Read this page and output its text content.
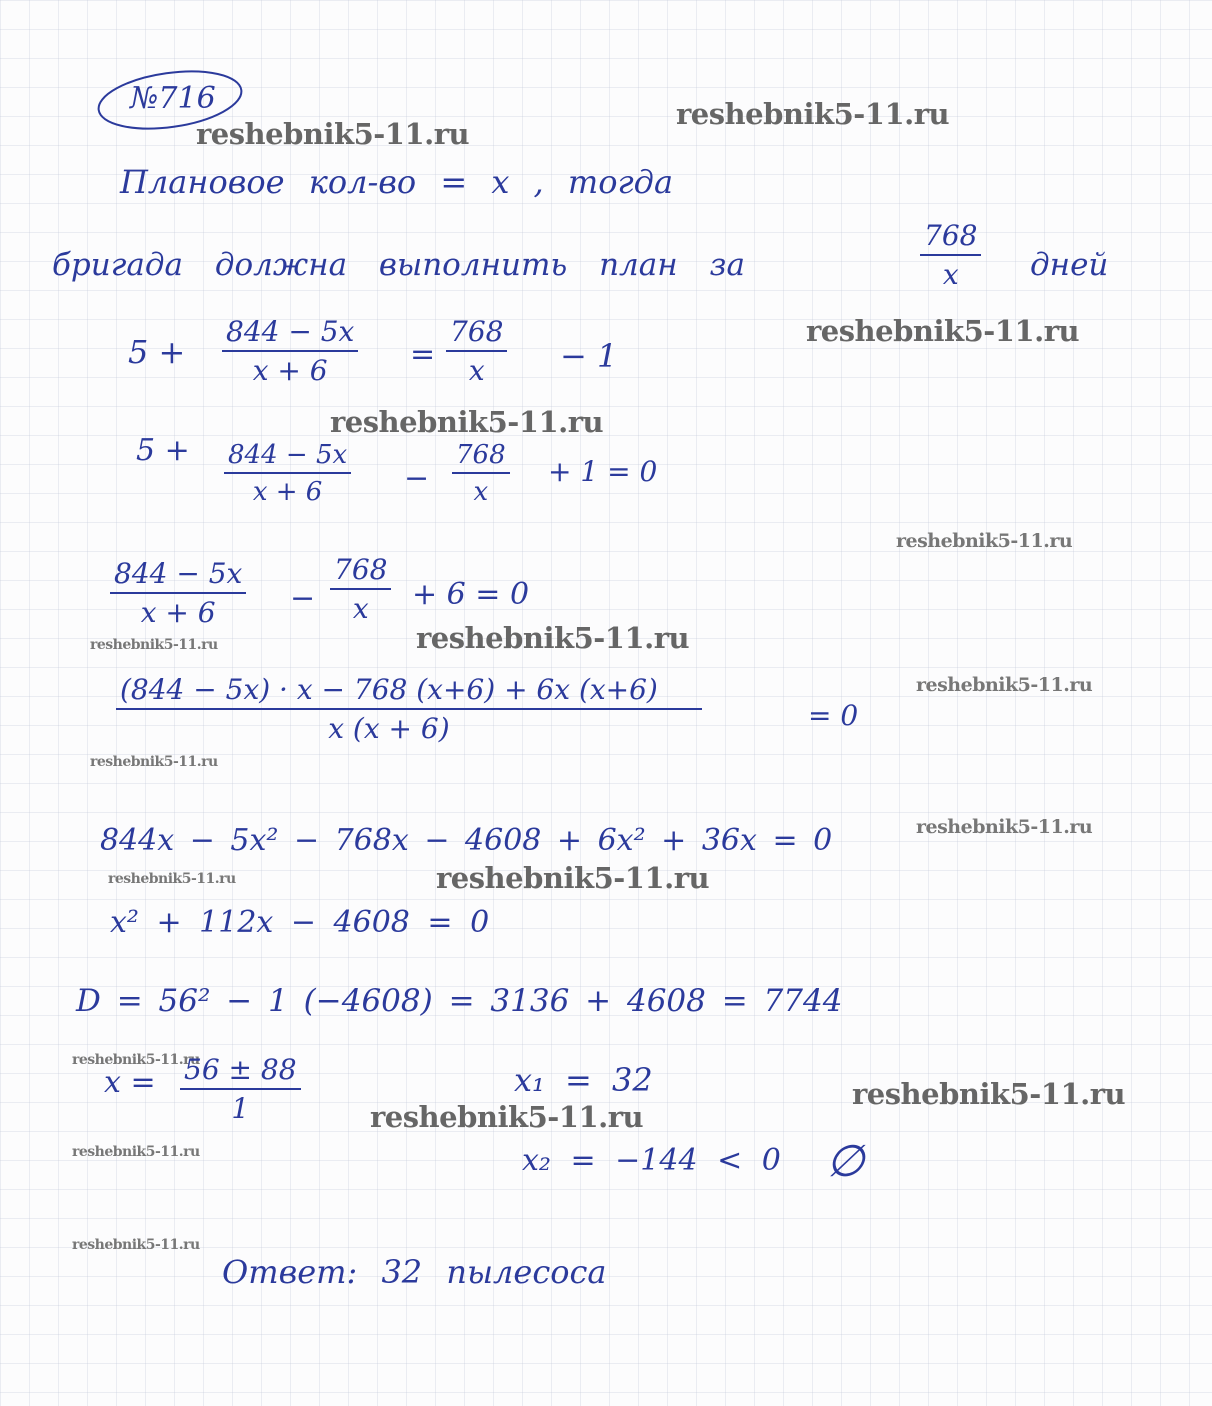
№716
reshebnik5-11.ru
reshebnik5-11.ru
reshebnik5-11.ru
reshebnik5-11.ru
reshebnik5-11.ru
reshebnik5-11.ru	reshebnik5-11.ru
reshebnik5-11.ru
reshebnik5-11.ru
reshebnik5-11.ru
reshebnik5-11.ru	reshebnik5-11.ru
reshebnik5-11.ru
reshebnik5-11.ru
reshebnik5-11.ru
reshebnik5-11.ru
reshebnik5-11.ru
Плановое кол-во = x , тогда
бригада должна выполнить план за
768
x дней
5 +
844 − 5x
x + 6	=
768
x − 1
5 + 844 − 5x
x + 6	−
768
x
+ 1 = 0
844 − 5x
x + 6 −
768
x + 6 = 0
(844 − 5x) · x − 768 (x+6) + 6x (x+6)
x (x + 6)	= 0
844x − 5x² − 768x − 4608 + 6x² + 36x = 0
x² + 112x − 4608 = 0
D = 56² − 1 (−4608) = 3136 + 4608 = 7744
x = 56 ± 88
1
x₁ = 32
x₂ = −144 < 0 ∅
Ответ: 32 пылесоса
